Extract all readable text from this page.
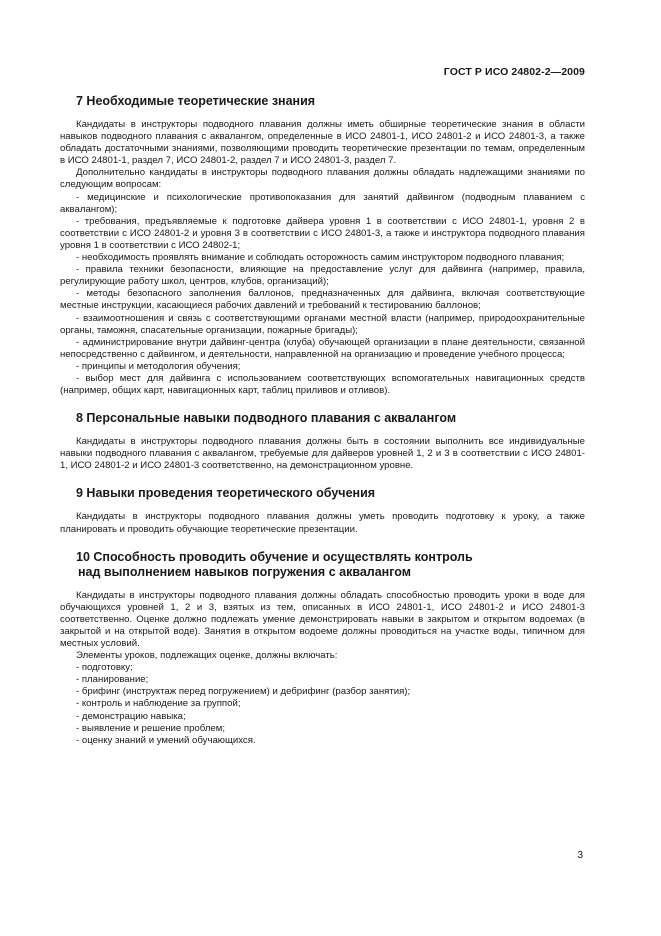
ГОСТ Р ИСО 24802-2—2009
7 Необходимые теоретические знания

Кандидаты в инструкторы подводного плавания должны иметь обширные теоретические знания в области навыков подводного плавания с аквалангом, определенные в ИСО 24801-1, ИСО 24801-2 и ИСО 24801-3, а также обладать достаточными знаниями, позволяющими проводить теоретические презентации по темам, определенным в ИСО 24801-1, раздел 7, ИСО 24801-2, раздел 7 и ИСО 24801-3, раздел 7.

Дополнительно кандидаты в инструкторы подводного плавания должны обладать надлежащими знаниями по следующим вопросам:

- медицинские и психологические противопоказания для занятий дайвингом (подводным плаванием с аквалангом);

- требования, предъявляемые к подготовке дайвера уровня 1 в соответствии с ИСО 24801-1, уровня 2 в соответствии с ИСО 24801-2 и уровня 3 в соответствии с ИСО 24801-3, а также и инструктора подводного плавания уровня 1 в соответствии с ИСО 24802-1;

- необходимость проявлять внимание и соблюдать осторожность самим инструктором подводного плавания;

- правила техники безопасности, влияющие на предоставление услуг для дайвинга (например, правила, регулирующие работу школ, центров, клубов, организаций);

- методы безопасного заполнения баллонов, предназначенных для дайвинга, включая соответствующие местные инструкции, касающиеся рабочих давлений и требований к тестированию баллонов;

- взаимоотношения и связь с соответствующими органами местной власти (например, природоохранительные органы, таможня, спасательные организации, пожарные бригады);

- администрирование внутри дайвинг-центра (клуба) обучающей организации в плане деятельности, связанной непосредственно с дайвингом, и деятельности, направленной на организацию и проведение учебного процесса;

- принципы и методология обучения;

- выбор мест для дайвинга с использованием соответствующих вспомогательных навигационных средств (например, общих карт, навигационных карт, таблиц приливов и отливов).

8 Персональные навыки подводного плавания с аквалангом

Кандидаты в инструкторы подводного плавания должны быть в состоянии выполнить все индивидуальные навыки подводного плавания с аквалангом, требуемые для дайверов уровней 1, 2 и 3 в соответствии с ИСО 24801-1, ИСО 24801-2 и ИСО 24801-3 соответственно, на демонстрационном уровне.

9 Навыки проведения теоретического обучения

Кандидаты в инструкторы подводного плавания должны уметь проводить подготовку к уроку, а также планировать и проводить обучающие теоретические презентации.

10 Способность проводить обучение и осуществлять контроль
над выполнением навыков погружения с аквалангом

Кандидаты в инструкторы подводного плавания должны обладать способностью проводить уроки в воде для обучающихся уровней 1, 2 и 3, взятых из тем, описанных в ИСО 24801-1, ИСО 24801-2 и ИСО 24801-3 соответственно. Оценке должно подлежать умение демонстрировать навыки в закрытом и открытом водоемах (в закрытой и на открытой воде). Занятия в открытом водоеме должны проводиться на участке воды, типичном для местных условий.

Элементы уроков, подлежащих оценке, должны включать:

- подготовку;

- планирование;

- брифинг (инструктаж перед погружением) и дебрифинг (разбор занятия);

- контроль и наблюдение за группой;

- демонстрацию навыка;

- выявление и решение проблем;

- оценку знаний и умений обучающихся.

3
